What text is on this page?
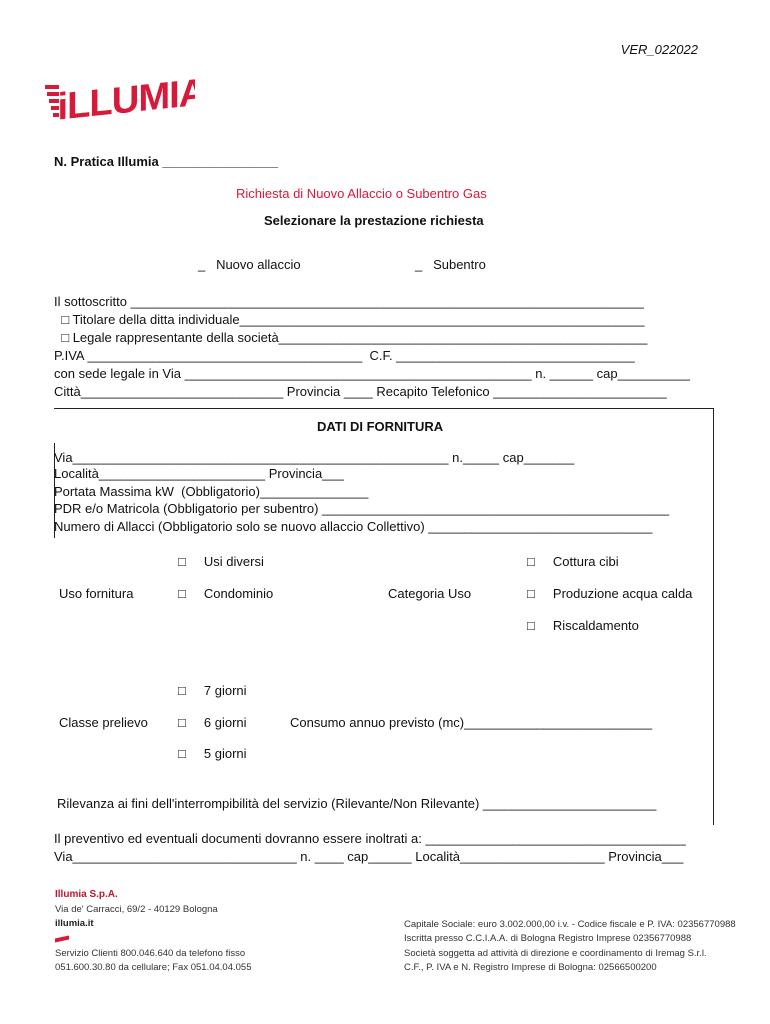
VER_022022

iLLUMIA

N. Pratica Illumia ________________
Richiesta di Nuovo Allaccio o Subentro Gas
Selezionare la prestazione richiesta
_   Nuovo allaccio	_   Subentro
Il sottoscritto _______________________________________________________________________
□ Titolare della ditta individuale________________________________________________________
□ Legale rappresentante della società___________________________________________________
P.IVA ______________________________________  C.F. _________________________________
con sede legale in Via ________________________________________________ n. ______ cap__________
Città____________________________ Provincia ____ Recapito Telefonico ________________________
DATI DI FORNITURA
Via____________________________________________________ n._____ cap_______
Località_______________________ Provincia___
Portata Massima kW  (Obbligatorio)_______________
PDR e/o Matricola (Obbligatorio per subentro) ________________________________________________
Numero di Allacci (Obbligatorio solo se nuovo allaccio Collettivo) _______________________________
Uso fornitura
□     Usi diversi
□     Condominio	Categoria Uso
□     Cottura cibi
□     Produzione acqua calda
□     Riscaldamento
Classe prelievo
□     7 giorni
□     6 giorni
□     5 giorni
Consumo annuo previsto (mc)__________________________
Rilevanza ai fini dell'interrompibilità del servizio (Rilevante/Non Rilevante) ________________________
Il preventivo ed eventuali documenti dovranno essere inoltrati a: ____________________________________
Via_______________________________ n. ____ cap______ Località____________________ Provincia___
Illumia S.p.A.
Via de' Carracci, 69/2 - 40129 Bologna
illumia.it
Servizio Clienti 800.046.640 da telefono fisso
051.600.30.80 da cellulare; Fax 051.04.04.055
Capitale Sociale: euro 3.002.000,00 i.v. - Codice fiscale e P. IVA: 02356770988
Iscritta presso C.C.I.A.A. di Bologna Registro Imprese 02356770988
Società soggetta ad attività di direzione e coordinamento di Iremag S.r.l.
C.F., P. IVA e N. Registro Imprese di Bologna: 02566500200
